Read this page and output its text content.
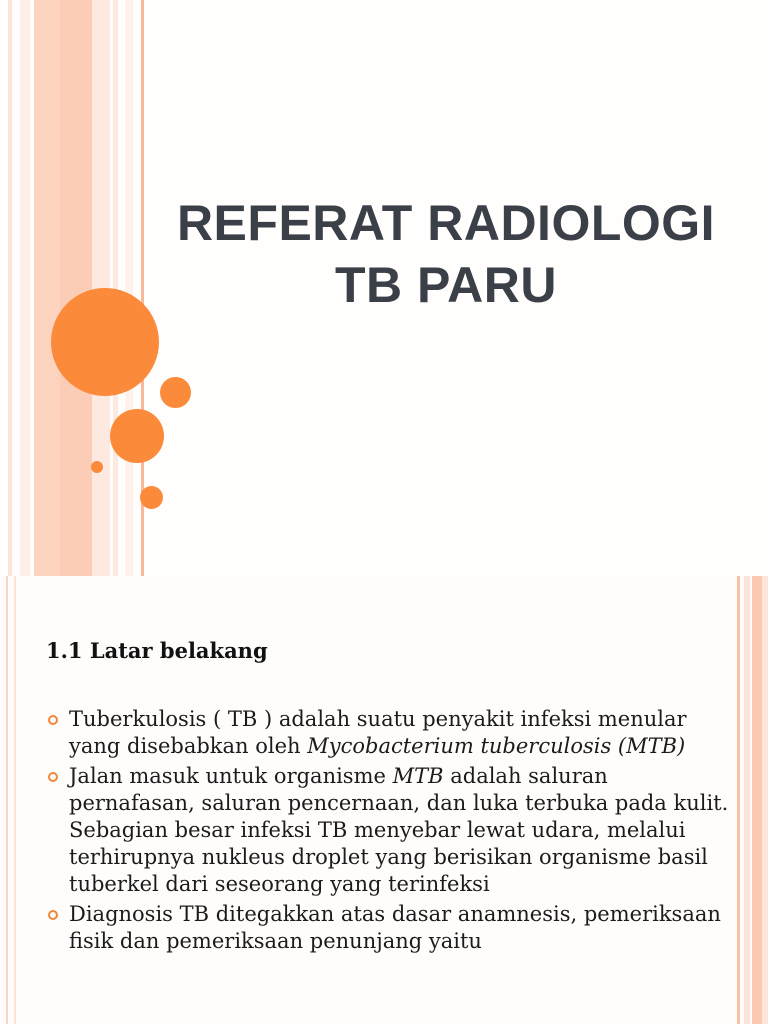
REFERAT RADIOLOGI
TB PARU
1.1 Latar belakang
Tuberkulosis ( TB ) adalah suatu penyakit infeksi menular yang disebabkan oleh Mycobacterium tuberculosis (MTB)
Jalan masuk untuk organisme MTB adalah saluran pernafasan, saluran pencernaan, dan luka terbuka pada kulit. Sebagian besar infeksi TB menyebar lewat udara, melalui terhirupnya nukleus droplet yang berisikan organisme basil tuberkel dari seseorang yang terinfeksi
Diagnosis TB ditegakkan atas dasar anamnesis, pemeriksaan fisik dan pemeriksaan penunjang yaitu
